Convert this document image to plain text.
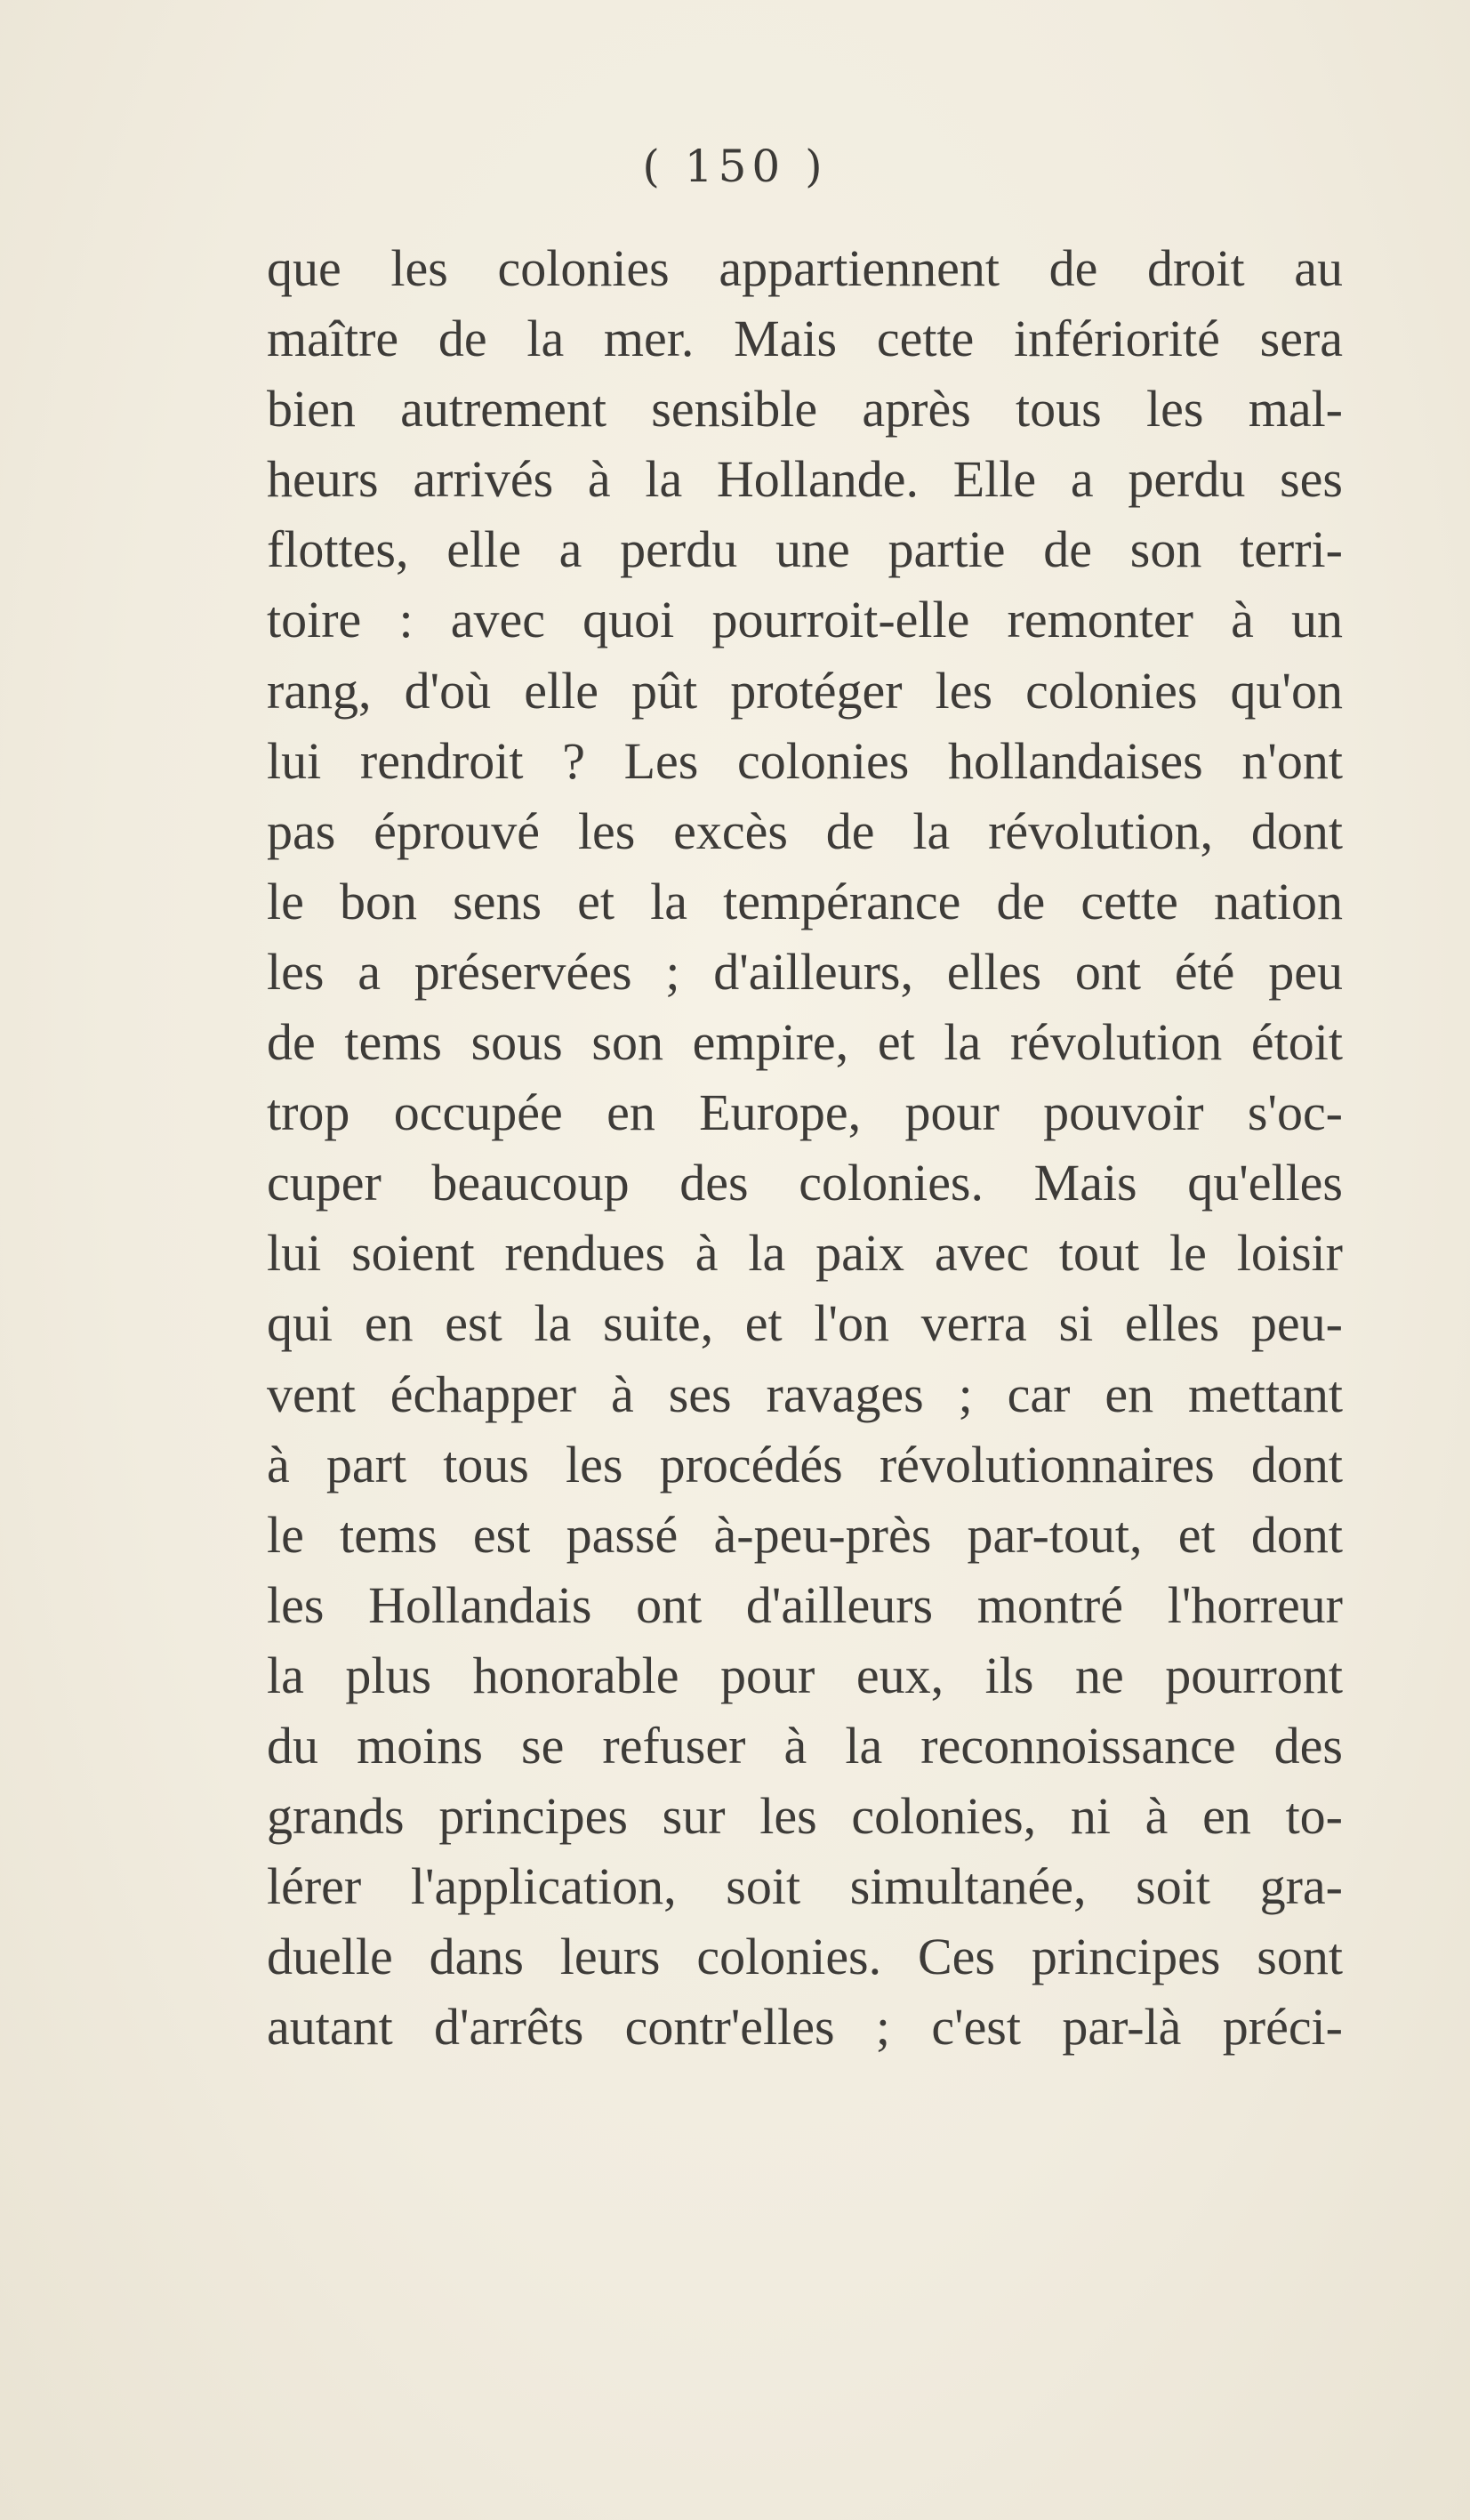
( 150 )
que les colonies appartiennent de droit au
maître de la mer. Mais cette infériorité sera
bien autrement sensible après tous les mal-
heurs arrivés à la Hollande. Elle a perdu ses
flottes, elle a perdu une partie de son terri-
toire : avec quoi pourroit-elle remonter à un
rang, d'où elle pût protéger les colonies qu'on
lui rendroit ? Les colonies hollandaises n'ont
pas éprouvé les excès de la révolution, dont
le bon sens et la tempérance de cette nation
les a préservées ; d'ailleurs, elles ont été peu
de tems sous son empire, et la révolution étoit
trop occupée en Europe, pour pouvoir s'oc-
cuper beaucoup des colonies. Mais qu'elles
lui soient rendues à la paix avec tout le loisir
qui en est la suite, et l'on verra si elles peu-
vent échapper à ses ravages ; car en mettant
à part tous les procédés révolutionnaires dont
le tems est passé à-peu-près par-tout, et dont
les Hollandais ont d'ailleurs montré l'horreur
la plus honorable pour eux, ils ne pourront
du moins se refuser à la reconnoissance des
grands principes sur les colonies, ni à en to-
lérer l'application, soit simultanée, soit gra-
duelle dans leurs colonies. Ces principes sont
autant d'arrêts contr'elles ; c'est par-là préci-
